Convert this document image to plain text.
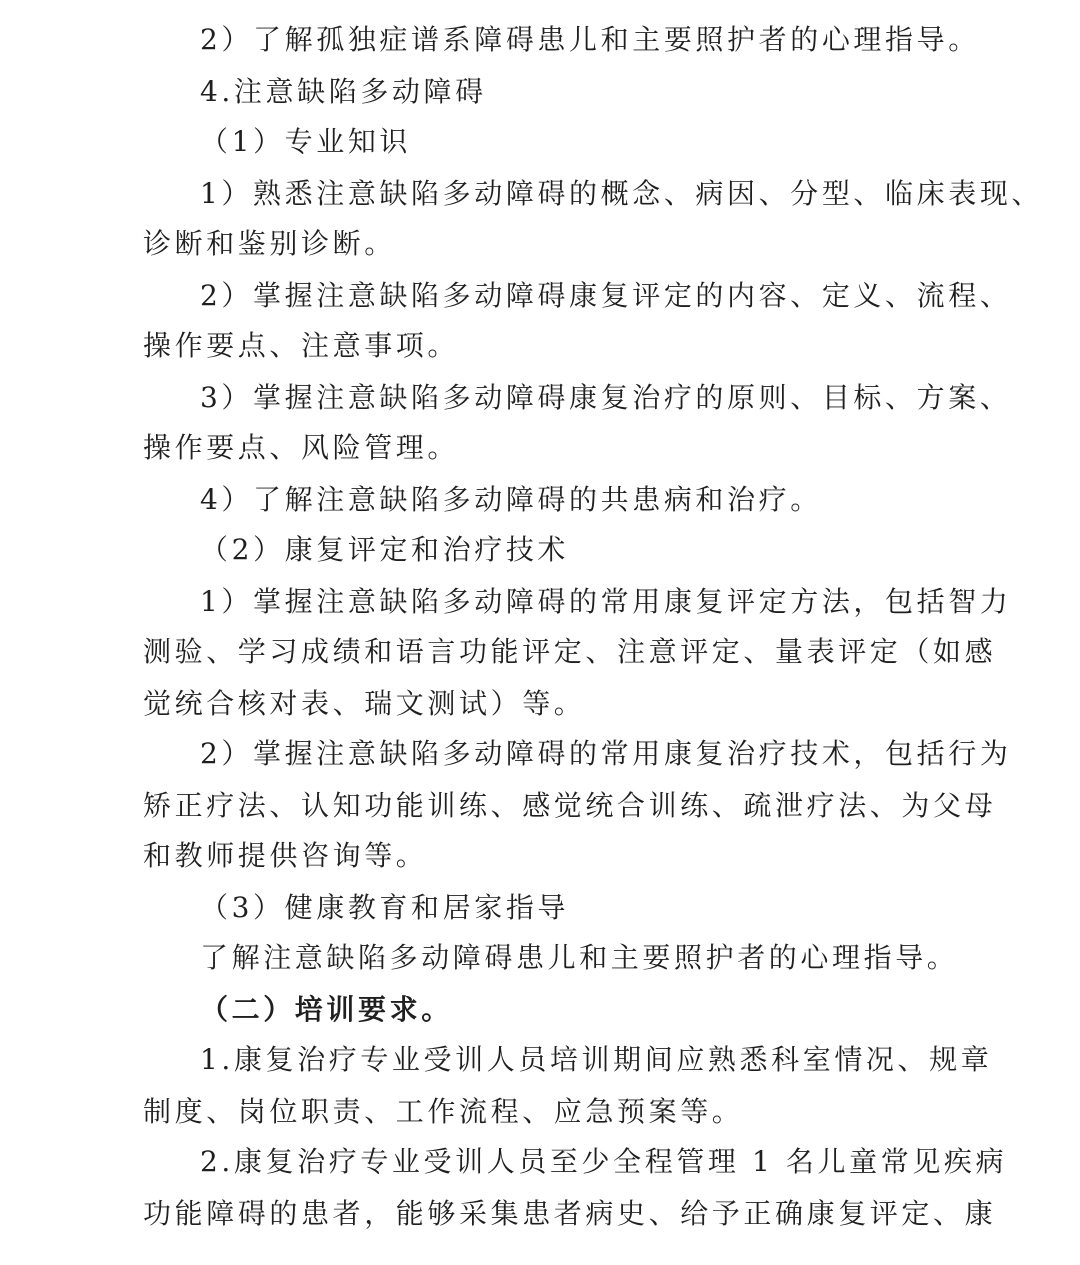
2）了解孤独症谱系障碍患儿和主要照护者的心理指导。
4.注意缺陷多动障碍
（1）专业知识
1）熟悉注意缺陷多动障碍的概念、病因、分型、临床表现、
诊断和鉴别诊断。
2）掌握注意缺陷多动障碍康复评定的内容、定义、流程、
操作要点、注意事项。
3）掌握注意缺陷多动障碍康复治疗的原则、目标、方案、
操作要点、风险管理。
4）了解注意缺陷多动障碍的共患病和治疗。
（2）康复评定和治疗技术
1）掌握注意缺陷多动障碍的常用康复评定方法，包括智力
测验、学习成绩和语言功能评定、注意评定、量表评定（如感
觉统合核对表、瑞文测试）等。
2）掌握注意缺陷多动障碍的常用康复治疗技术，包括行为
矫正疗法、认知功能训练、感觉统合训练、疏泄疗法、为父母
和教师提供咨询等。
（3）健康教育和居家指导
了解注意缺陷多动障碍患儿和主要照护者的心理指导。
（二）培训要求。
1.康复治疗专业受训人员培训期间应熟悉科室情况、规章
制度、岗位职责、工作流程、应急预案等。
2.康复治疗专业受训人员至少全程管理 1 名儿童常见疾病
功能障碍的患者，能够采集患者病史、给予正确康复评定、康
